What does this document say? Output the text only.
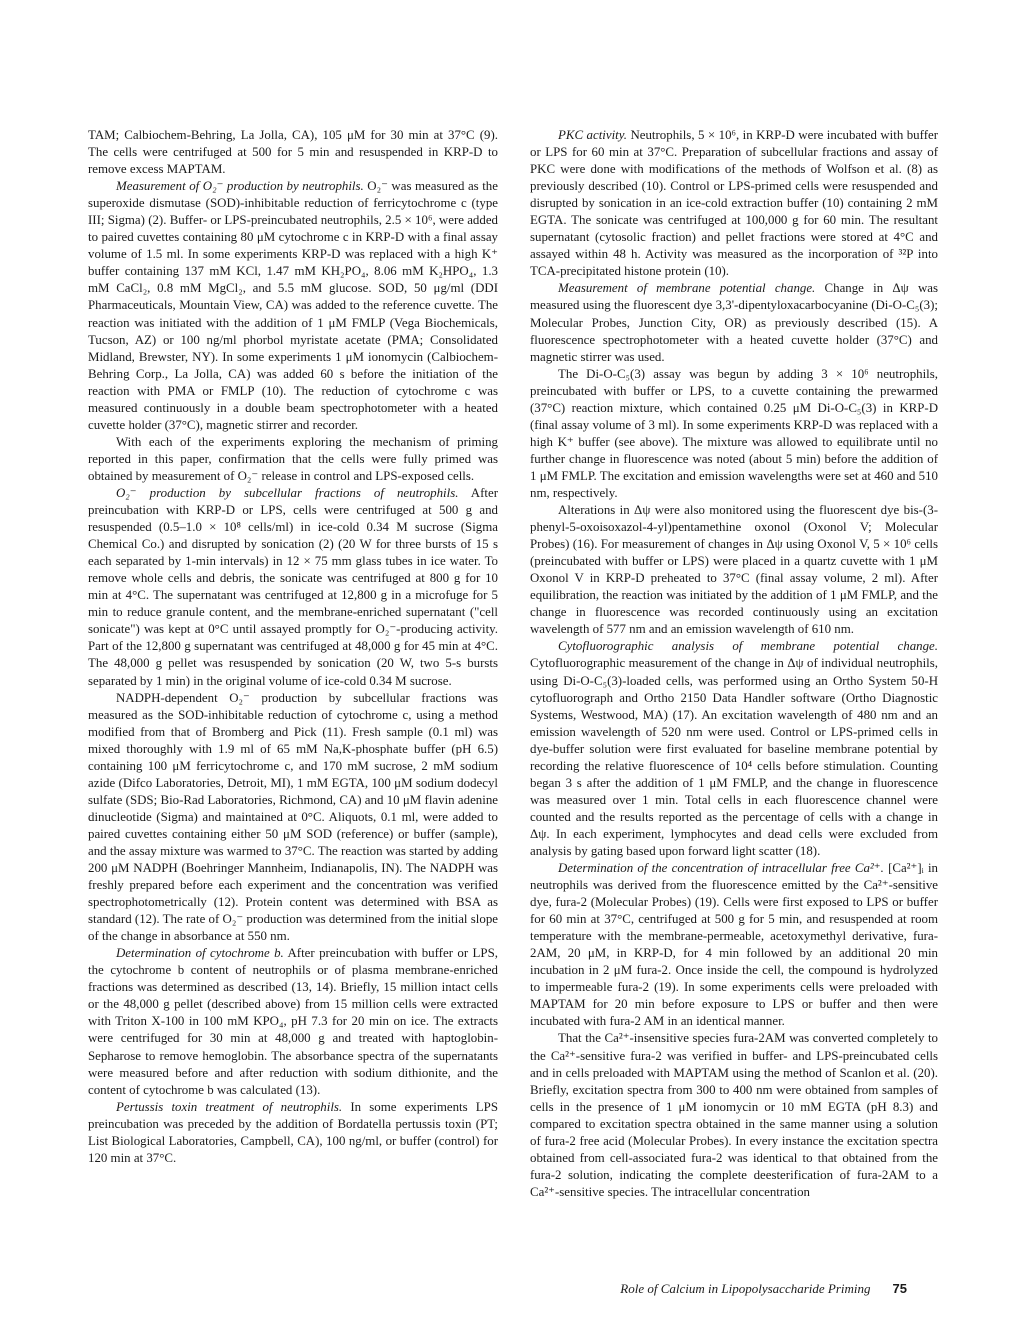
TAM; Calbiochem-Behring, La Jolla, CA), 105 μM for 30 min at 37°C (9). The cells were centrifuged at 500 for 5 min and resuspended in KRP-D to remove excess MAPTAM.

Measurement of O₂⁻ production by neutrophils. O₂⁻ was measured as the superoxide dismutase (SOD)-inhibitable reduction of ferricytochrome c (type III; Sigma) (2). Buffer- or LPS-preincubated neutrophils, 2.5 × 10⁶, were added to paired cuvettes containing 80 μM cytochrome c in KRP-D with a final assay volume of 1.5 ml. In some experiments KRP-D was replaced with a high K⁺ buffer containing 137 mM KCl, 1.47 mM KH₂PO₄, 8.06 mM K₂HPO₄, 1.3 mM CaCl₂, 0.8 mM MgCl₂, and 5.5 mM glucose. SOD, 50 μg/ml (DDI Pharmaceuticals, Mountain View, CA) was added to the reference cuvette. The reaction was initiated with the addition of 1 μM FMLP (Vega Biochemicals, Tucson, AZ) or 100 ng/ml phorbol myristate acetate (PMA; Consolidated Midland, Brewster, NY). In some experiments 1 μM ionomycin (Calbiochem-Behring Corp., La Jolla, CA) was added 60 s before the initiation of the reaction with PMA or FMLP (10). The reduction of cytochrome c was measured continuously in a double beam spectrophotometer with a heated cuvette holder (37°C), magnetic stirrer and recorder.

With each of the experiments exploring the mechanism of priming reported in this paper, confirmation that the cells were fully primed was obtained by measurement of O₂⁻ release in control and LPS-exposed cells.

O₂⁻ production by subcellular fractions of neutrophils. After preincubation with KRP-D or LPS, cells were centrifuged at 500 g and resuspended (0.5–1.0 × 10⁸ cells/ml) in ice-cold 0.34 M sucrose (Sigma Chemical Co.) and disrupted by sonication (2) (20 W for three bursts of 15 s each separated by 1-min intervals) in 12 × 75 mm glass tubes in ice water. To remove whole cells and debris, the sonicate was centrifuged at 800 g for 10 min at 4°C. The supernatant was centrifuged at 12,800 g in a microfuge for 5 min to reduce granule content, and the membrane-enriched supernatant ("cell sonicate") was kept at 0°C until assayed promptly for O₂⁻-producing activity. Part of the 12,800 g supernatant was centrifuged at 48,000 g for 45 min at 4°C. The 48,000 g pellet was resuspended by sonication (20 W, two 5-s bursts separated by 1 min) in the original volume of ice-cold 0.34 M sucrose.

NADPH-dependent O₂⁻ production by subcellular fractions was measured as the SOD-inhibitable reduction of cytochrome c, using a method modified from that of Bromberg and Pick (11). Fresh sample (0.1 ml) was mixed thoroughly with 1.9 ml of 65 mM Na,K-phosphate buffer (pH 6.5) containing 100 μM ferricytochrome c, and 170 mM sucrose, 2 mM sodium azide (Difco Laboratories, Detroit, MI), 1 mM EGTA, 100 μM sodium dodecyl sulfate (SDS; Bio-Rad Laboratories, Richmond, CA) and 10 μM flavin adenine dinucleotide (Sigma) and maintained at 0°C. Aliquots, 0.1 ml, were added to paired cuvettes containing either 50 μM SOD (reference) or buffer (sample), and the assay mixture was warmed to 37°C. The reaction was started by adding 200 μM NADPH (Boehringer Mannheim, Indianapolis, IN). The NADPH was freshly prepared before each experiment and the concentration was verified spectrophotometrically (12). Protein content was determined with BSA as standard (12). The rate of O₂⁻ production was determined from the initial slope of the change in absorbance at 550 nm.

Determination of cytochrome b. After preincubation with buffer or LPS, the cytochrome b content of neutrophils or of plasma membrane-enriched fractions was determined as described (13, 14). Briefly, 15 million intact cells or the 48,000 g pellet (described above) from 15 million cells were extracted with Triton X-100 in 100 mM KPO₄, pH 7.3 for 20 min on ice. The extracts were centrifuged for 30 min at 48,000 g and treated with haptoglobin-Sepharose to remove hemoglobin. The absorbance spectra of the supernatants were measured before and after reduction with sodium dithionite, and the content of cytochrome b was calculated (13).

Pertussis toxin treatment of neutrophils. In some experiments LPS preincubation was preceded by the addition of Bordatella pertussis toxin (PT; List Biological Laboratories, Campbell, CA), 100 ng/ml, or buffer (control) for 120 min at 37°C.

PKC activity. Neutrophils, 5 × 10⁶, in KRP-D were incubated with buffer or LPS for 60 min at 37°C. Preparation of subcellular fractions and assay of PKC were done with modifications of the methods of Wolfson et al. (8) as previously described (10). Control or LPS-primed cells were resuspended and disrupted by sonication in an ice-cold extraction buffer (10) containing 2 mM EGTA. The sonicate was centrifuged at 100,000 g for 60 min. The resultant supernatant (cytosolic fraction) and pellet fractions were stored at 4°C and assayed within 48 h. Activity was measured as the incorporation of ³²P into TCA-precipitated histone protein (10).

Measurement of membrane potential change. Change in Δψ was measured using the fluorescent dye 3,3'-dipentyloxacarbocyanine (Di-O-C₅(3); Molecular Probes, Junction City, OR) as previously described (15). A fluorescence spectrophotometer with a heated cuvette holder (37°C) and magnetic stirrer was used.

The Di-O-C₅(3) assay was begun by adding 3 × 10⁶ neutrophils, preincubated with buffer or LPS, to a cuvette containing the prewarmed (37°C) reaction mixture, which contained 0.25 μM Di-O-C₅(3) in KRP-D (final assay volume of 3 ml). In some experiments KRP-D was replaced with a high K⁺ buffer (see above). The mixture was allowed to equilibrate until no further change in fluorescence was noted (about 5 min) before the addition of 1 μM FMLP. The excitation and emission wavelengths were set at 460 and 510 nm, respectively.

Alterations in Δψ were also monitored using the fluorescent dye bis-(3-phenyl-5-oxoisoxazol-4-yl)pentamethine oxonol (Oxonol V; Molecular Probes) (16). For measurement of changes in Δψ using Oxonol V, 5 × 10⁶ cells (preincubated with buffer or LPS) were placed in a quartz cuvette with 1 μM Oxonol V in KRP-D preheated to 37°C (final assay volume, 2 ml). After equilibration, the reaction was initiated by the addition of 1 μM FMLP, and the change in fluorescence was recorded continuously using an excitation wavelength of 577 nm and an emission wavelength of 610 nm.

Cytofluorographic analysis of membrane potential change. Cytofluorographic measurement of the change in Δψ of individual neutrophils, using Di-O-C₅(3)-loaded cells, was performed using an Ortho System 50-H cytofluorograph and Ortho 2150 Data Handler software (Ortho Diagnostic Systems, Westwood, MA) (17). An excitation wavelength of 480 nm and an emission wavelength of 520 nm were used. Control or LPS-primed cells in dye-buffer solution were first evaluated for baseline membrane potential by recording the relative fluorescence of 10⁴ cells before stimulation. Counting began 3 s after the addition of 1 μM FMLP, and the change in fluorescence was measured over 1 min. Total cells in each fluorescence channel were counted and the results reported as the percentage of cells with a change in Δψ. In each experiment, lymphocytes and dead cells were excluded from analysis by gating based upon forward light scatter (18).

Determination of the concentration of intracellular free Ca²⁺. [Ca²⁺]ᵢ in neutrophils was derived from the fluorescence emitted by the Ca²⁺-sensitive dye, fura-2 (Molecular Probes) (19). Cells were first exposed to LPS or buffer for 60 min at 37°C, centrifuged at 500 g for 5 min, and resuspended at room temperature with the membrane-permeable, acetoxymethyl derivative, fura-2AM, 20 μM, in KRP-D, for 4 min followed by an additional 20 min incubation in 2 μM fura-2. Once inside the cell, the compound is hydrolyzed to impermeable fura-2 (19). In some experiments cells were preloaded with MAPTAM for 20 min before exposure to LPS or buffer and then were incubated with fura-2 AM in an identical manner.

That the Ca²⁺-insensitive species fura-2AM was converted completely to the Ca²⁺-sensitive fura-2 was verified in buffer- and LPS-preincubated cells and in cells preloaded with MAPTAM using the method of Scanlon et al. (20). Briefly, excitation spectra from 300 to 400 nm were obtained from samples of cells in the presence of 1 μM ionomycin or 10 mM EGTA (pH 8.3) and compared to excitation spectra obtained in the same manner using a solution of fura-2 free acid (Molecular Probes). In every instance the excitation spectra obtained from cell-associated fura-2 was identical to that obtained from the fura-2 solution, indicating the complete deesterification of fura-2AM to a Ca²⁺-sensitive species. The intracellular concentration

Role of Calcium in Lipopolysaccharide Priming 75
